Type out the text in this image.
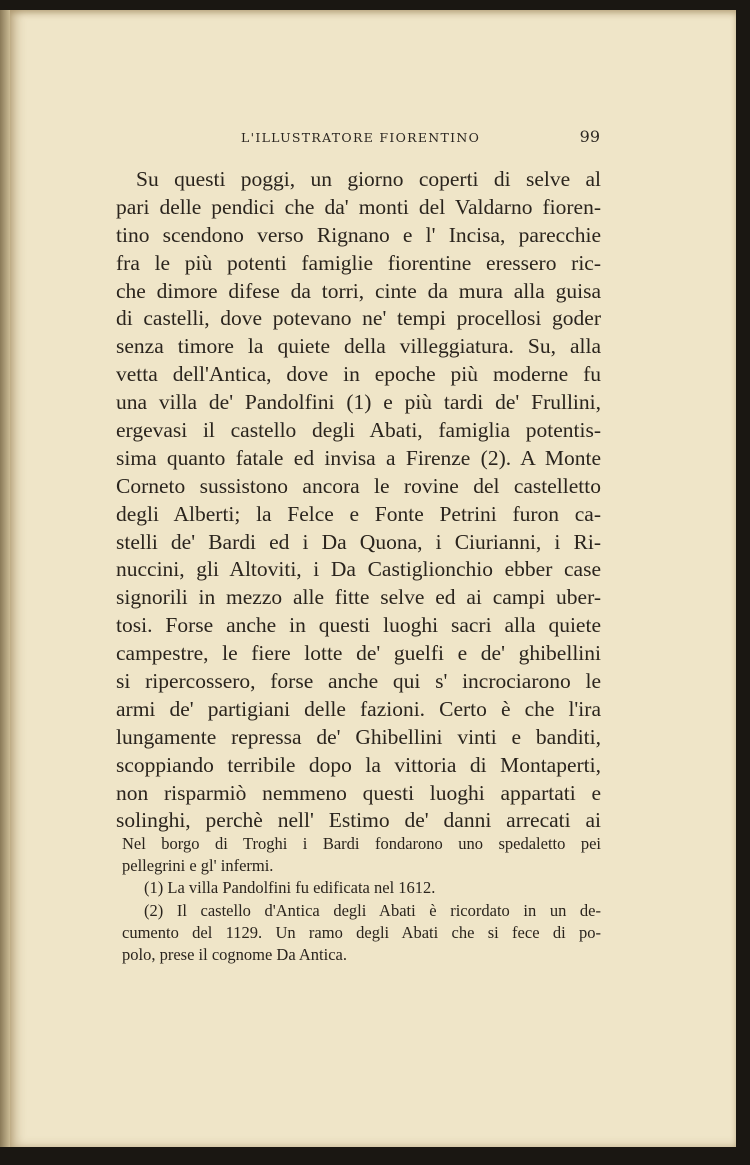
L'ILLUSTRATORE FIORENTINO	99
Su questi poggi, un giorno coperti di selve al
pari delle pendici che da' monti del Valdarno fioren-
tino scendono verso Rignano e l' Incisa, parecchie
fra le più potenti famiglie fiorentine eressero ric-
che dimore difese da torri, cinte da mura alla guisa
di castelli, dove potevano ne' tempi procellosi goder
senza timore la quiete della villeggiatura. Su, alla
vetta dell'Antica, dove in epoche più moderne fu
una villa de' Pandolfini (1) e più tardi de' Frullini,
ergevasi il castello degli Abati, famiglia potentis-
sima quanto fatale ed invisa a Firenze (2). A Monte
Corneto sussistono ancora le rovine del castelletto
degli Alberti; la Felce e Fonte Petrini furon ca-
stelli de' Bardi ed i Da Quona, i Ciurianni, i Ri-
nuccini, gli Altoviti, i Da Castiglionchio ebber case
signorili in mezzo alle fitte selve ed ai campi uber-
tosi. Forse anche in questi luoghi sacri alla quiete
campestre, le fiere lotte de' guelfi e de' ghibellini
si ripercossero, forse anche qui s' incrociarono le
armi de' partigiani delle fazioni. Certo è che l'ira
lungamente repressa de' Ghibellini vinti e banditi,
scoppiando terribile dopo la vittoria di Montaperti,
non risparmiò nemmeno questi luoghi appartati e
solinghi, perchè nell' Estimo de' danni arrecati ai
Nel borgo di Troghi i Bardi fondarono uno spedaletto pei
pellegrini e gl' infermi.
(1) La villa Pandolfini fu edificata nel 1612.
(2) Il castello d'Antica degli Abati è ricordato in un de-
cumento del 1129. Un ramo degli Abati che si fece di po-
polo, prese il cognome Da Antica.
